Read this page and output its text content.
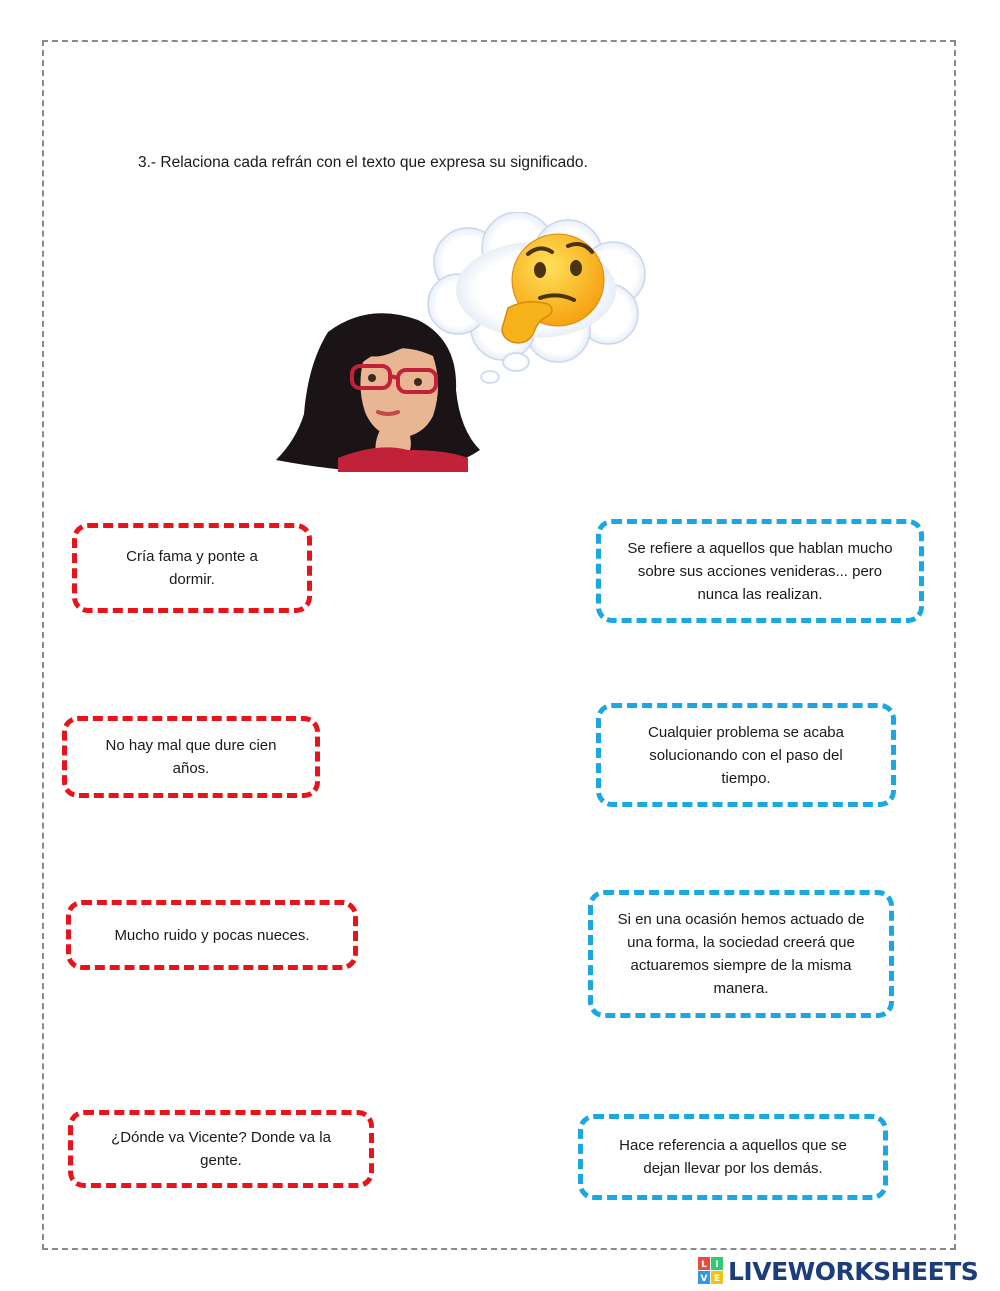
3.- Relaciona cada refrán con el texto que expresa su significado.
Cría fama y ponte a dormir.
No hay mal que dure cien años.
Mucho ruido y pocas nueces.
¿Dónde va Vicente? Donde va la gente.
Se refiere a aquellos que hablan mucho sobre sus acciones venideras... pero nunca las realizan.
Cualquier problema se acaba solucionando con el paso del tiempo.
Si en una ocasión hemos actuado de una forma, la sociedad creerá que actuaremos siempre de la misma manera.
Hace referencia a aquellos que se dejan llevar por los demás.
L I
V E LIVEWORKSHEETS
